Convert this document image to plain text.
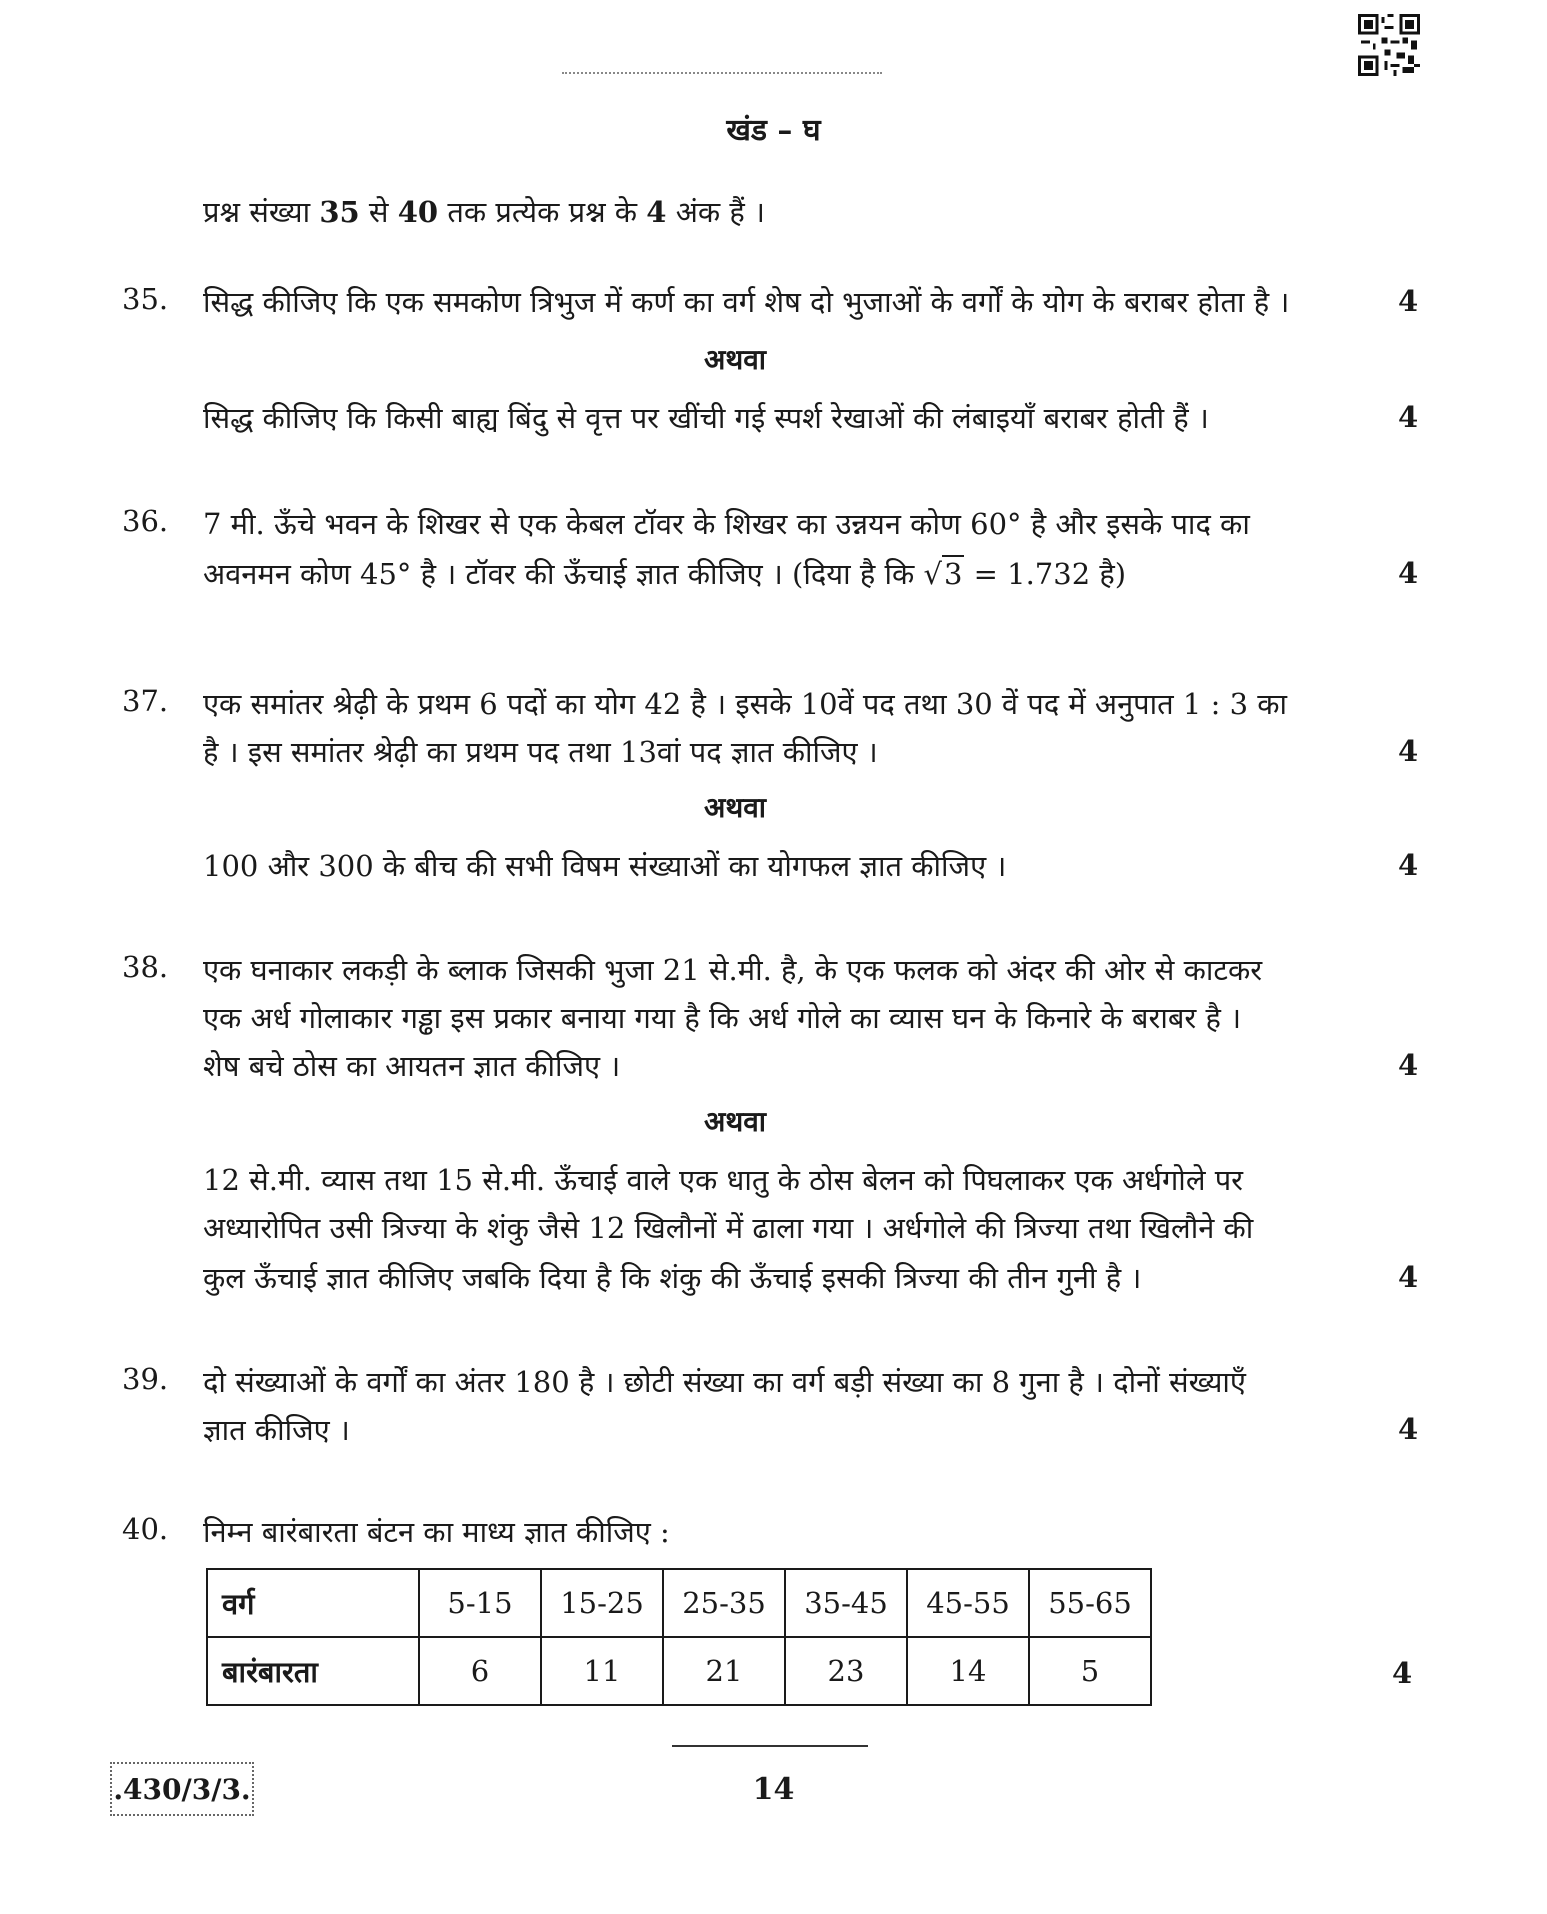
खंड – घ
प्रश्न संख्या 35 से 40 तक प्रत्येक प्रश्न के 4 अंक हैं ।
35. सिद्ध कीजिए कि एक समकोण त्रिभुज में कर्ण का वर्ग शेष दो भुजाओं के वर्गों के योग के बराबर होता है ।	4
अथवा
सिद्ध कीजिए कि किसी बाह्य बिंदु से वृत्त पर खींची गई स्पर्श रेखाओं की लंबाइयाँ बराबर होती हैं ।	4
36. 7 मी. ऊँचे भवन के शिखर से एक केबल टॉवर के शिखर का उन्नयन कोण 60° है और इसके पाद का
अवनमन कोण 45° है । टॉवर की ऊँचाई ज्ञात कीजिए । (दिया है कि √3 = 1.732 है)	4
37. एक समांतर श्रेढ़ी के प्रथम 6 पदों का योग 42 है । इसके 10वें पद तथा 30 वें पद में अनुपात 1 : 3 का
है । इस समांतर श्रेढ़ी का प्रथम पद तथा 13वां पद ज्ञात कीजिए ।	4
अथवा
100 और 300 के बीच की सभी विषम संख्याओं का योगफल ज्ञात कीजिए ।	4
38. एक घनाकार लकड़ी के ब्लाक जिसकी भुजा 21 से.मी. है, के एक फलक को अंदर की ओर से काटकर
एक अर्ध गोलाकार गड्ढा इस प्रकार बनाया गया है कि अर्ध गोले का व्यास घन के किनारे के बराबर है ।
शेष बचे ठोस का आयतन ज्ञात कीजिए ।	4
अथवा
12 से.मी. व्यास तथा 15 से.मी. ऊँचाई वाले एक धातु के ठोस बेलन को पिघलाकर एक अर्धगोले पर
अध्यारोपित उसी त्रिज्या के शंकु जैसे 12 खिलौनों में ढाला गया । अर्धगोले की त्रिज्या तथा खिलौने की
कुल ऊँचाई ज्ञात कीजिए जबकि दिया है कि शंकु की ऊँचाई इसकी त्रिज्या की तीन गुनी है ।	4
39. दो संख्याओं के वर्गों का अंतर 180 है । छोटी संख्या का वर्ग बड़ी संख्या का 8 गुना है । दोनों संख्याएँ
ज्ञात कीजिए ।	4
40. निम्न बारंबारता बंटन का माध्य ज्ञात कीजिए :
वर्ग	5-15	15-25	25-35	35-45	45-55	55-65
बारंबारता	6	11	21	23	14	5	4
.430/3/3.	14
